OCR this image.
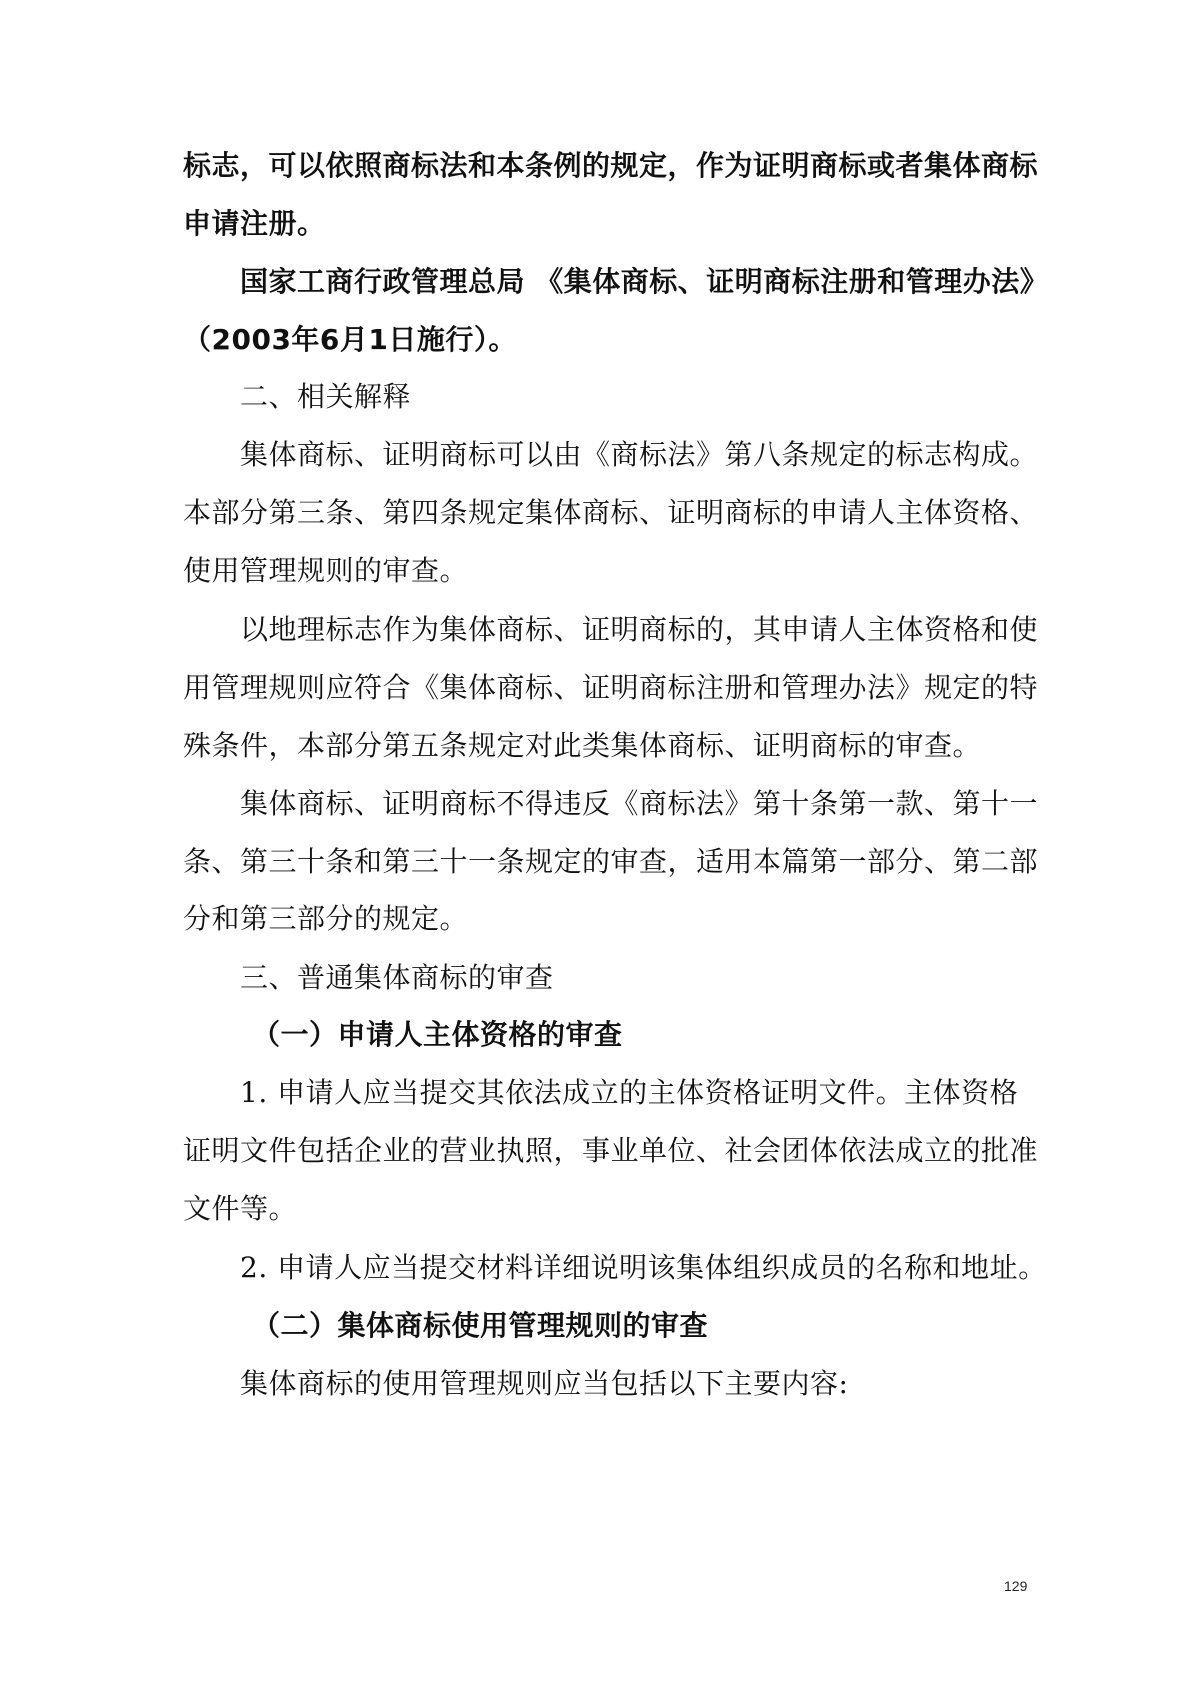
标志，可以依照商标法和本条例的规定，作为证明商标或者集体商标

申请注册。

国家工商行政管理总局 《集体商标、证明商标注册和管理办法》

（2003年6月1日施行）。

二、相关解释

集体商标、证明商标可以由《商标法》第八条规定的标志构成。

本部分第三条、第四条规定集体商标、证明商标的申请人主体资格、

使用管理规则的审查。

以地理标志作为集体商标、证明商标的，其申请人主体资格和使

用管理规则应符合《集体商标、证明商标注册和管理办法》规定的特

殊条件，本部分第五条规定对此类集体商标、证明商标的审查。

集体商标、证明商标不得违反《商标法》第十条第一款、第十一

条、第三十条和第三十一条规定的审查，适用本篇第一部分、第二部

分和第三部分的规定。

三、普通集体商标的审查

（一）申请人主体资格的审查

1. 申请人应当提交其依法成立的主体资格证明文件。主体资格

证明文件包括企业的营业执照，事业单位、社会团体依法成立的批准

文件等。

2. 申请人应当提交材料详细说明该集体组织成员的名称和地址。

（二）集体商标使用管理规则的审查

集体商标的使用管理规则应当包括以下主要内容:

129
